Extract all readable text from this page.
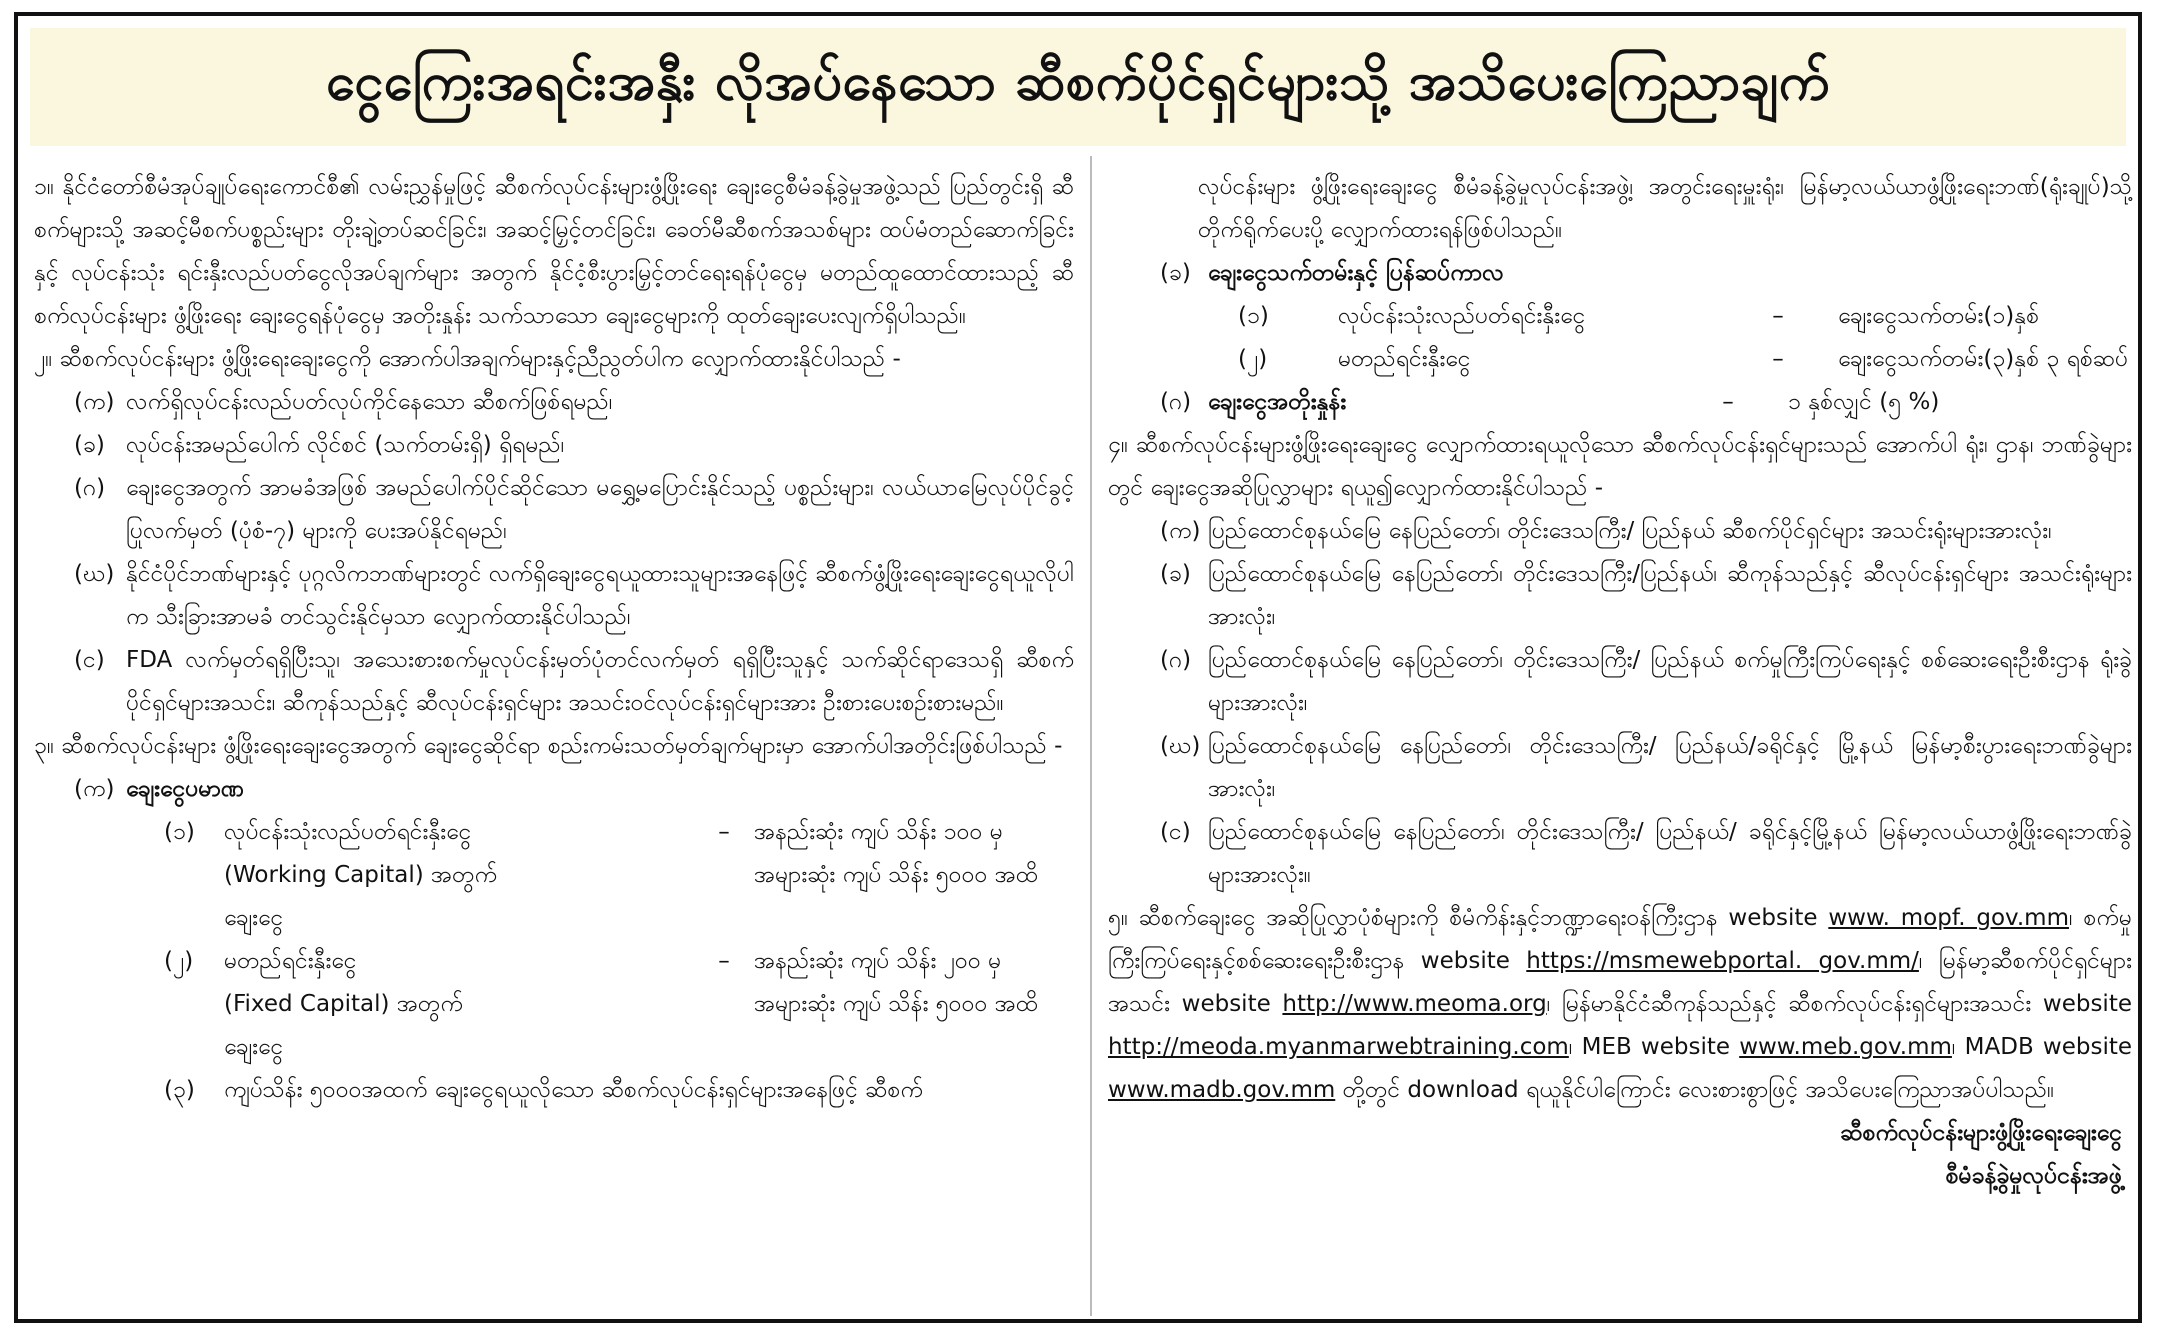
ငွေကြေးအရင်းအနှီး လိုအပ်နေသော ဆီစက်ပိုင်ရှင်များသို့ အသိပေးကြေညာချက်

၁။ နိုင်ငံတော်စီမံအုပ်ချုပ်ရေးကောင်စီ၏ လမ်းညွှန်မှုဖြင့် ဆီစက်လုပ်ငန်းများဖွံ့ဖြိုးရေး ချေးငွေစီမံခန့်ခွဲမှုအဖွဲ့သည် ပြည်တွင်းရှိ ဆီစက်များသို့ အဆင့်မီစက်ပစ္စည်းများ တိုးချဲ့တပ်ဆင်ခြင်း၊ အဆင့်မြှင့်တင်ခြင်း၊ ခေတ်မီဆီစက်အသစ်များ ထပ်မံတည်ဆောက်ခြင်းနှင့် လုပ်ငန်းသုံး ရင်းနှီးလည်ပတ်ငွေလိုအပ်ချက်များ အတွက် နိုင်ငံ့စီးပွားမြှင့်တင်ရေးရန်ပုံငွေမှ မတည်ထူထောင်ထားသည့် ဆီစက်လုပ်ငန်းများ ဖွံ့ဖြိုးရေး ချေးငွေရန်ပုံငွေမှ အတိုးနှုန်း သက်သာသော ချေးငွေများကို ထုတ်ချေးပေးလျက်ရှိပါသည်။

၂။ ဆီစက်လုပ်ငန်းများ ဖွံ့ဖြိုးရေးချေးငွေကို အောက်ပါအချက်များနှင့်ညီညွတ်ပါက လျှောက်ထားနိုင်ပါသည် -

(က) လက်ရှိလုပ်ငန်းလည်ပတ်လုပ်ကိုင်နေသော ဆီစက်ဖြစ်ရမည်၊
(ခ) လုပ်ငန်းအမည်ပေါက် လိုင်စင် (သက်တမ်းရှိ) ရှိရမည်၊
(ဂ) ချေးငွေအတွက် အာမခံအဖြစ် အမည်ပေါက်ပိုင်ဆိုင်သော မရွှေ့မပြောင်းနိုင်သည့် ပစ္စည်းများ၊ လယ်ယာမြေလုပ်ပိုင်ခွင့်ပြုလက်မှတ် (ပုံစံ-၇) များကို ပေးအပ်နိုင်ရမည်၊
(ဃ) နိုင်ငံပိုင်ဘဏ်များနှင့် ပုဂ္ဂလိကဘဏ်များတွင် လက်ရှိချေးငွေရယူထားသူများအနေဖြင့် ဆီစက်ဖွံ့ဖြိုးရေးချေးငွေရယူလိုပါက သီးခြားအာမခံ တင်သွင်းနိုင်မှသာ လျှောက်ထားနိုင်ပါသည်၊
(င) FDA လက်မှတ်ရရှိပြီးသူ၊ အသေးစားစက်မှုလုပ်ငန်းမှတ်ပုံတင်လက်မှတ် ရရှိပြီးသူနှင့် သက်ဆိုင်ရာဒေသရှိ ဆီစက်ပိုင်ရှင်များအသင်း၊ ဆီကုန်သည်နှင့် ဆီလုပ်ငန်းရှင်များ အသင်းဝင်လုပ်ငန်းရှင်များအား ဦးစားပေးစဉ်းစားမည်။

၃။ ဆီစက်လုပ်ငန်းများ ဖွံ့ဖြိုးရေးချေးငွေအတွက် ချေးငွေဆိုင်ရာ စည်းကမ်းသတ်မှတ်ချက်များမှာ အောက်ပါအတိုင်းဖြစ်ပါသည် -

(က) ချေးငွေပမာဏ
(၁)	လုပ်ငန်းသုံးလည်ပတ်ရင်းနှီးငွေ
(Working Capital) အတွက်
ချေးငွေ
–	အနည်းဆုံး ကျပ် သိန်း ၁၀၀ မှ
အများဆုံး ကျပ် သိန်း ၅၀၀၀ အထိ
(၂)	မတည်ရင်းနှီးငွေ
(Fixed Capital) အတွက်
ချေးငွေ
–	အနည်းဆုံး ကျပ် သိန်း ၂၀၀ မှ
အများဆုံး ကျပ် သိန်း ၅၀၀၀ အထိ
(၃)	ကျပ်သိန်း ၅၀၀၀အထက် ချေးငွေရယူလိုသော ဆီစက်လုပ်ငန်းရှင်များအနေဖြင့် ဆီစက်

လုပ်ငန်းများ ဖွံ့ဖြိုးရေးချေးငွေ စီမံခန့်ခွဲမှုလုပ်ငန်းအဖွဲ့၊ အတွင်းရေးမှူးရုံး၊ မြန်မာ့လယ်ယာဖွံ့ဖြိုးရေးဘဏ်(ရုံးချုပ်)သို့ တိုက်ရိုက်ပေးပို့ လျှောက်ထားရန်ဖြစ်ပါသည်။

(ခ) ချေးငွေသက်တမ်းနှင့် ပြန်ဆပ်ကာလ
(၁)	လုပ်ငန်းသုံးလည်ပတ်ရင်းနှီးငွေ	–	ချေးငွေသက်တမ်း(၁)နှစ်
(၂)	မတည်ရင်းနှီးငွေ	–	ချေးငွေသက်တမ်း(၃)နှစ် ၃ ရစ်ဆပ်
(ဂ) ချေးငွေအတိုးနှုန်း	–	၁ နှစ်လျှင် (၅ %)

၄။ ဆီစက်လုပ်ငန်းများဖွံ့ဖြိုးရေးချေးငွေ လျှောက်ထားရယူလိုသော ဆီစက်လုပ်ငန်းရှင်များသည် အောက်ပါ ရုံး၊ ဌာန၊ ဘဏ်ခွဲများတွင် ချေးငွေအဆိုပြုလွှာများ ရယူ၍လျှောက်ထားနိုင်ပါသည် -

(က) ပြည်ထောင်စုနယ်မြေ နေပြည်တော်၊ တိုင်းဒေသကြီး/ ပြည်နယ် ဆီစက်ပိုင်ရှင်များ အသင်းရုံးများအားလုံး၊
(ခ) ပြည်ထောင်စုနယ်မြေ နေပြည်တော်၊ တိုင်းဒေသကြီး/ပြည်နယ်၊ ဆီကုန်သည်နှင့် ဆီလုပ်ငန်းရှင်များ အသင်းရုံးများအားလုံး၊
(ဂ) ပြည်ထောင်စုနယ်မြေ နေပြည်တော်၊ တိုင်းဒေသကြီး/ ပြည်နယ် စက်မှုကြီးကြပ်ရေးနှင့် စစ်ဆေးရေးဦးစီးဌာန ရုံးခွဲများအားလုံး၊
(ဃ) ပြည်ထောင်စုနယ်မြေ နေပြည်တော်၊ တိုင်းဒေသကြီး/ ပြည်နယ်/ခရိုင်နှင့် မြို့နယ် မြန်မာ့စီးပွားရေးဘဏ်ခွဲများအားလုံး၊
(င) ပြည်ထောင်စုနယ်မြေ နေပြည်တော်၊ တိုင်းဒေသကြီး/ ပြည်နယ်/ ခရိုင်နှင့်မြို့နယ် မြန်မာ့လယ်ယာဖွံ့ဖြိုးရေးဘဏ်ခွဲများအားလုံး။

၅။ ဆီစက်ချေးငွေ အဆိုပြုလွှာပုံစံများကို စီမံကိန်းနှင့်ဘဏ္ဍာရေးဝန်ကြီးဌာန website www. mopf. gov.mm၊ စက်မှုကြီးကြပ်ရေးနှင့်စစ်ဆေးရေးဦးစီးဌာန website https://msmewebportal. gov.mm/၊ မြန်မာ့ဆီစက်ပိုင်ရှင်များအသင်း website http://www.meoma.org၊ မြန်မာနိုင်ငံဆီကုန်သည်နှင့် ဆီစက်လုပ်ငန်းရှင်များအသင်း website http://meoda.myanmarwebtraining.com၊ MEB website www.meb.gov.mm၊ MADB website www.madb.gov.mm တို့တွင် download ရယူနိုင်ပါကြောင်း လေးစားစွာဖြင့် အသိပေးကြေညာအပ်ပါသည်။

ဆီစက်လုပ်ငန်းများဖွံ့ဖြိုးရေးချေးငွေ
စီမံခန့်ခွဲမှုလုပ်ငန်းအဖွဲ့
